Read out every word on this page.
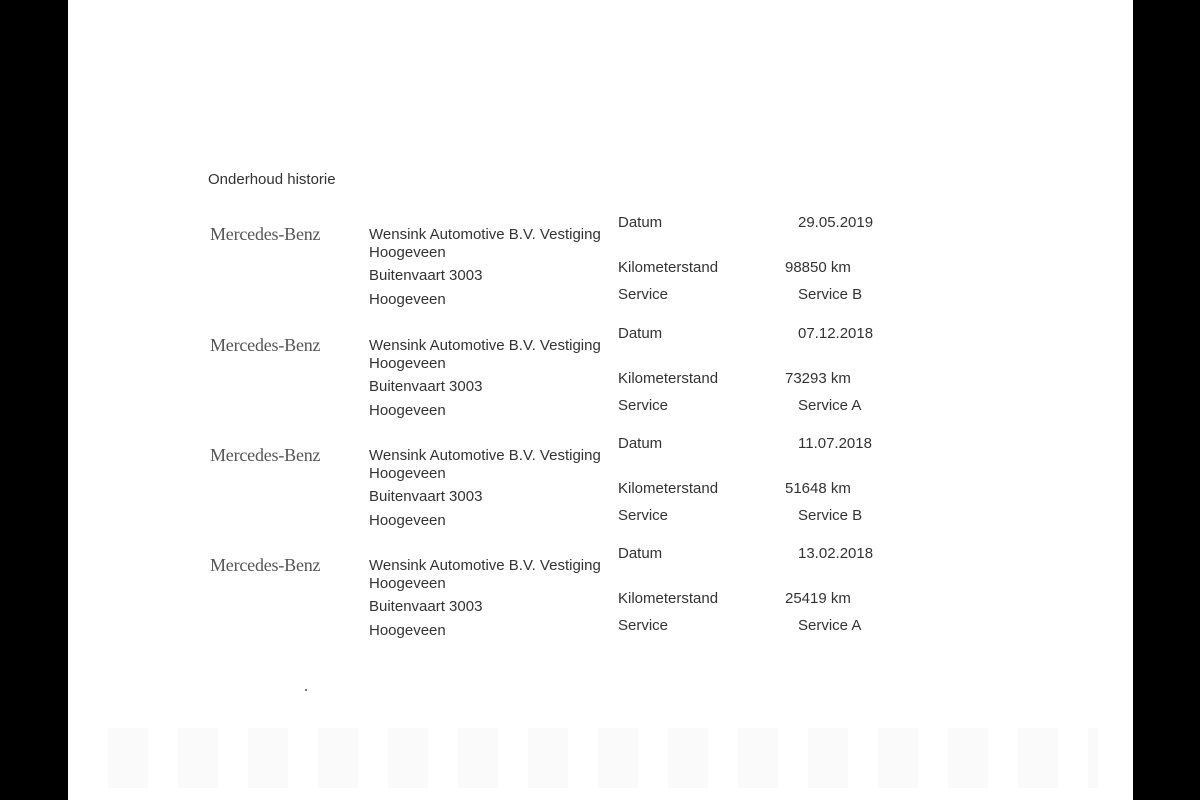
Onderhoud historie
Mercedes-Benz	Wensink Automotive B.V. Vestiging
Hoogeveen
Buitenvaart 3003
Hoogeveen
Datum	29.05.2019
Kilometerstand	98850 km
Service	Service B
Mercedes-Benz	Wensink Automotive B.V. Vestiging
Hoogeveen
Buitenvaart 3003
Hoogeveen
Datum	07.12.2018
Kilometerstand	73293 km
Service	Service A
Mercedes-Benz	Wensink Automotive B.V. Vestiging
Hoogeveen
Buitenvaart 3003
Hoogeveen
Datum	11.07.2018
Kilometerstand	51648 km
Service	Service B
Mercedes-Benz	Wensink Automotive B.V. Vestiging
Hoogeveen
Buitenvaart 3003
Hoogeveen
Datum	13.02.2018
Kilometerstand	25419 km
Service	Service A
